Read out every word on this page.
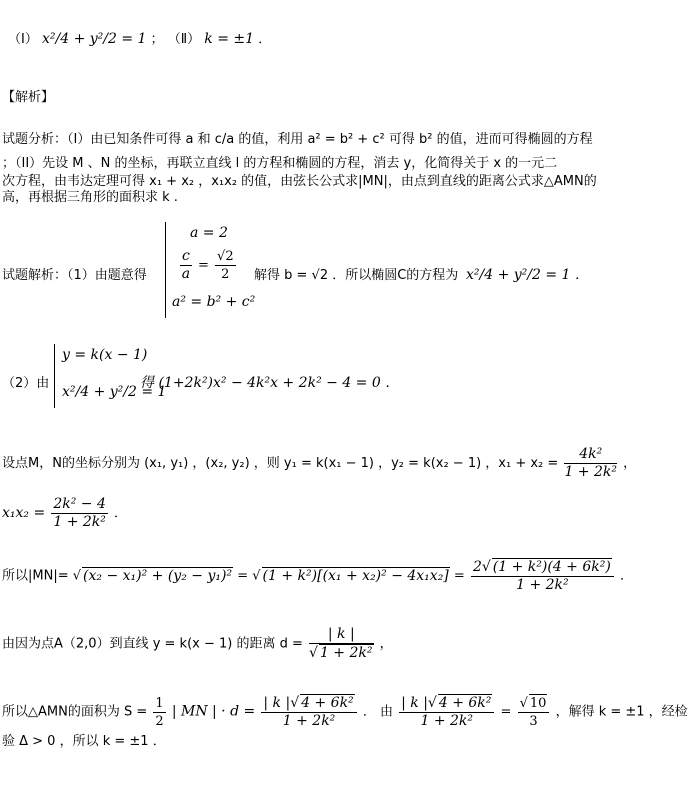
（Ⅰ） x²/4 + y²/2 = 1 ； （Ⅱ） k = ±1 ．
【解析】
试题分析：（I）由已知条件可得 a 和 c/a 的值，利用 a² = b² + c² 可得 b² 的值，进而可得椭圆的方程
；（II）先设 M 、N 的坐标，再联立直线 l 的方程和椭圆的方程，消去 y，化简得关于 x 的一元二
次方程，由韦达定理可得 x₁ + x₂ ，x₁x₂ 的值，由弦长公式求|MN|，由点到直线的距离公式求△AMN的
高，再根据三角形的面积求 k .
试题解析：（1）由题意得
a = 2
$\frac{c}{a} = \frac{√2}{2}$
a² = b² + c²
解得 b = √2 ．所以椭圆C的方程为 x²/4 + y²/2 = 1 ．
（2）由
y = k(x − 1)
x²/4 + y²/2 = 1
得 (1+2k²)x² − 4k²x + 2k² − 4 = 0 ．
设点M，N的坐标分别为 (x₁, y₁) ，(x₂, y₂) ，则 y₁ = k(x₁ − 1) ，y₂ = k(x₂ − 1) ，$x_1 + x_2 = \frac{\text{4k²}}{\text{1 + 2k²}}$ ，
$x_1x_2 = \frac{\text{2k² − 4}}{\text{1 + 2k²}}$ ．
所以|MN|= √ (x₂ − x₁)² + (y₂ − y₁)² = √ $(1 + k^2)[(x_1 + x_2)^2 - 4x_1x_2] = \frac{\text{2√ (1 + k²)(4 + 6k²)}}{\text{1 + 2k²}}$ ．
由因为点A（2,0）到直线 y = k(x − 1) 的距离 $d = \frac{| k |}{\text{√ 1 + 2k²}}$ ，
所以△AMN的面积为 $S = \frac{1}{2}$ | MN | · $d = \frac{\text{| k |√ 4 + 6k²}}{\text{1 + 2k²}}$ ． 由 $\frac{\text{| k |√ 4 + 6k²}}{\text{1 + 2k²}} = \frac{√ 10}{3}$ ，解得 k = ±1 ，经检
验 Δ > 0 ，所以 k = ±1 ．
